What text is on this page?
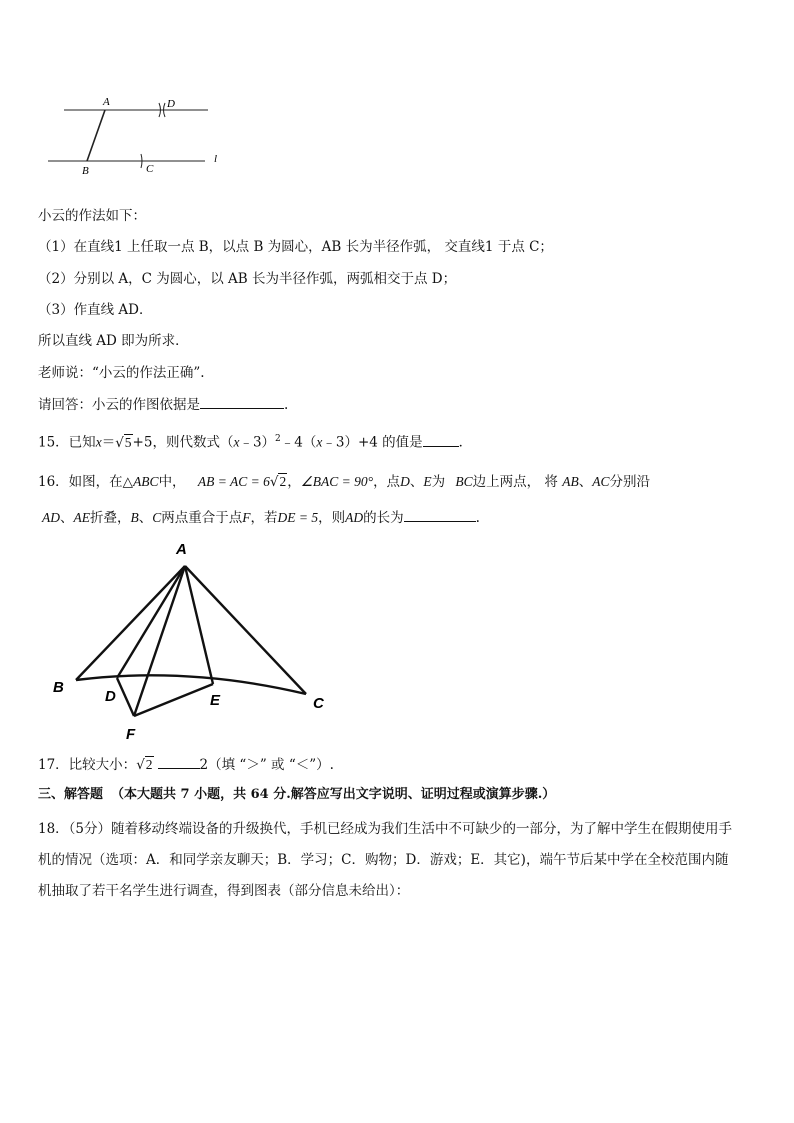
A	D
B	C
l
小云的作法如下：
（1）在直线1 上任取一点 B，以点 B 为圆心，AB 长为半径作弧， 交直线1 于点 C；
（2）分别以 A，C 为圆心，以 AB 长为半径作弧，两弧相交于点 D；
（3）作直线 AD．
所以直线 AD 即为所求．
老师说：“小云的作法正确”.
请回答：小云的作图依据是	.
15．已知x＝√5+5，则代数式（x﹣3）$^2$﹣4（x﹣3）+4 的值是	．
16．如图，在△ABC中， AB = AC = 6√2，∠BAC = 90°，点D、E为 BC边上两点， 将 AB、AC分别沿
AD、AE折叠，B、C两点重合于点F，若DE = 5，则AD的长为	.
A
B
D	E	C
F
17．比较大小：√2	2（填 “＞” 或 “＜”）.
三、解答题 （本大题共 7 小题，共 64 分.解答应写出文字说明、证明过程或演算步骤.）
18．（5分）随着移动终端设备的升级换代，手机已经成为我们生活中不可缺少的一部分，为了解中学生在假期使用手
机的情况（选项：A．和同学亲友聊天；B．学习；C．购物；D．游戏；E．其它)，端午节后某中学在全校范围内随
机抽取了若干名学生进行调查，得到图表（部分信息未给出）：
